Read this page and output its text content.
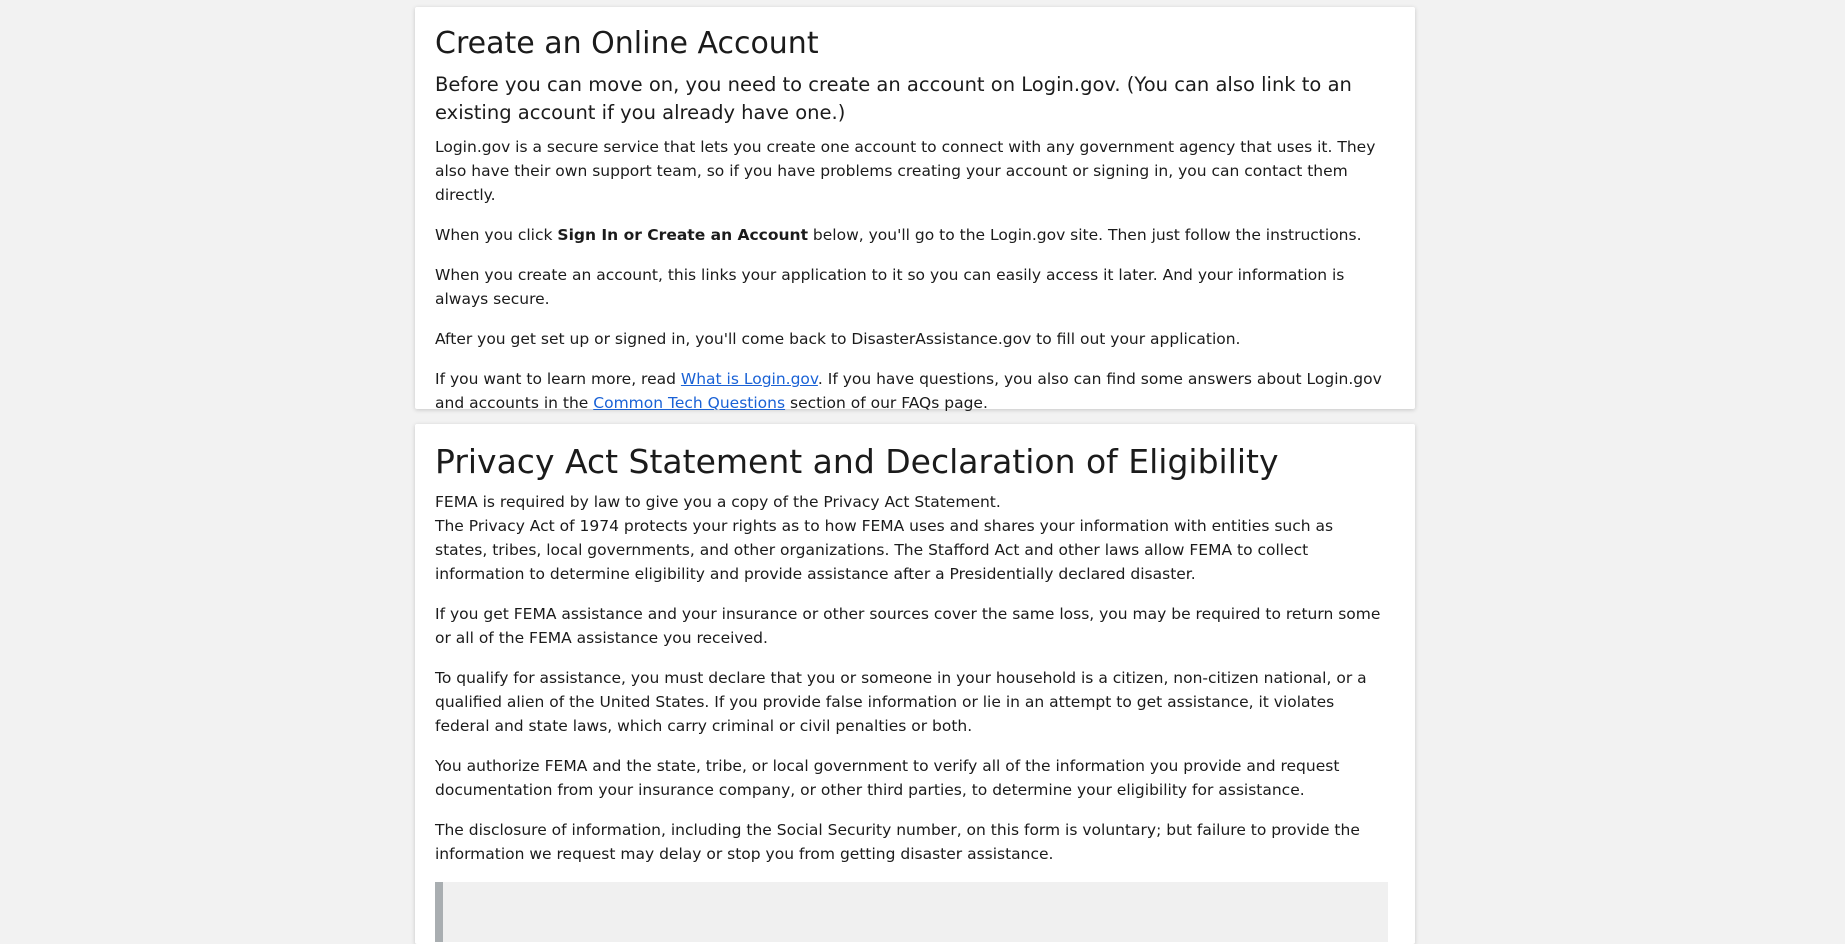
Create an Online Account
Before you can move on, you need to create an account on Login.gov. (You can also link to an existing account if you already have one.)

Login.gov is a secure service that lets you create one account to connect with any government agency that uses it. They also have their own support team, so if you have problems creating your account or signing in, you can contact them directly.

When you click Sign In or Create an Account below, you'll go to the Login.gov site. Then just follow the instructions.

When you create an account, this links your application to it so you can easily access it later. And your information is always secure.

After you get set up or signed in, you'll come back to DisasterAssistance.gov to fill out your application.

If you want to learn more, read What is Login.gov. If you have questions, you also can find some answers about Login.gov and accounts in the Common Tech Questions section of our FAQs page.

Privacy Act Statement and Declaration of Eligibility

FEMA is required by law to give you a copy of the Privacy Act Statement.
The Privacy Act of 1974 protects your rights as to how FEMA uses and shares your information with entities such as states, tribes, local governments, and other organizations. The Stafford Act and other laws allow FEMA to collect information to determine eligibility and provide assistance after a Presidentially declared disaster.

If you get FEMA assistance and your insurance or other sources cover the same loss, you may be required to return some or all of the FEMA assistance you received.

To qualify for assistance, you must declare that you or someone in your household is a citizen, non-citizen national, or a qualified alien of the United States. If you provide false information or lie in an attempt to get assistance, it violates federal and state laws, which carry criminal or civil penalties or both.

You authorize FEMA and the state, tribe, or local government to verify all of the information you provide and request documentation from your insurance company, or other third parties, to determine your eligibility for assistance.

The disclosure of information, including the Social Security number, on this form is voluntary; but failure to provide the information we request may delay or stop you from getting disaster assistance.
